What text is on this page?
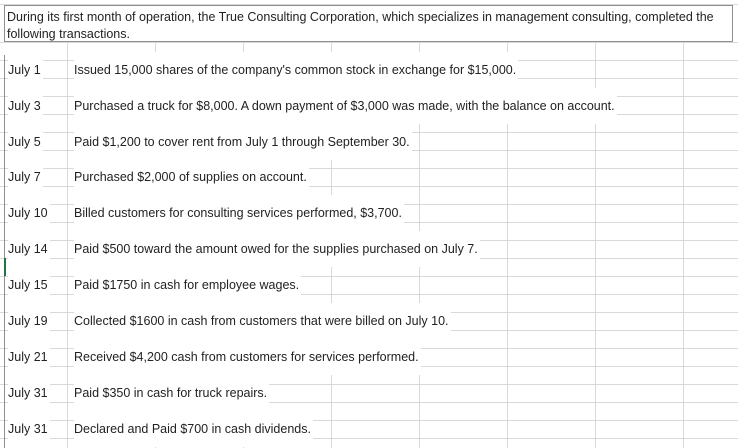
During its first month of operation, the True Consulting Corporation, which specializes in management consulting, completed the following transactions.
July 1	Issued 15,000 shares of the company's common stock in exchange for $15,000.
July 3	Purchased a truck for $8,000. A down payment of $3,000 was made, with the balance on account.
July 5	Paid $1,200 to cover rent from July 1 through September 30.
July 7	Purchased $2,000 of supplies on account.
July 10 Billed customers for consulting services performed, $3,700.
July 14 Paid $500 toward the amount owed for the supplies purchased on July 7.
July 15 Paid $1750 in cash for employee wages.
July 19 Collected $1600 in cash from customers that were billed on July 10.
July 21 Received $4,200 cash from customers for services performed.
July 31 Paid $350 in cash for truck repairs.
July 31 Declared and Paid $700 in cash dividends.
